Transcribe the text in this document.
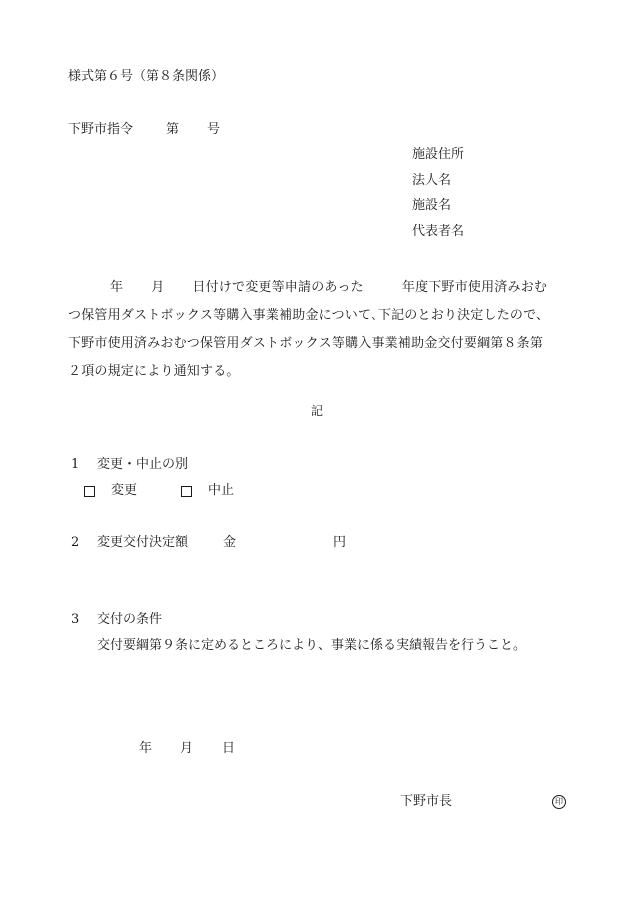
様式第６号（第８条関係）
下野市指令	第 号
施設住所
法人名
施設名
代表者名
年 月 日付けで変更等申請のあった	年度下野市使用済みおむ
つ保管用ダストボックス等購入事業補助金について､下記のとおり決定したので、
下野市使用済みおむつ保管用ダストボックス等購入事業補助金交付要綱第８条第
２項の規定により通知する。
記
1 変更・中止の別
変更	中止
2 変更交付決定額	金	円
3 交付の条件
交付要綱第９条に定めるところにより、事業に係る実績報告を行うこと。
年 月 日
下野市長	印
